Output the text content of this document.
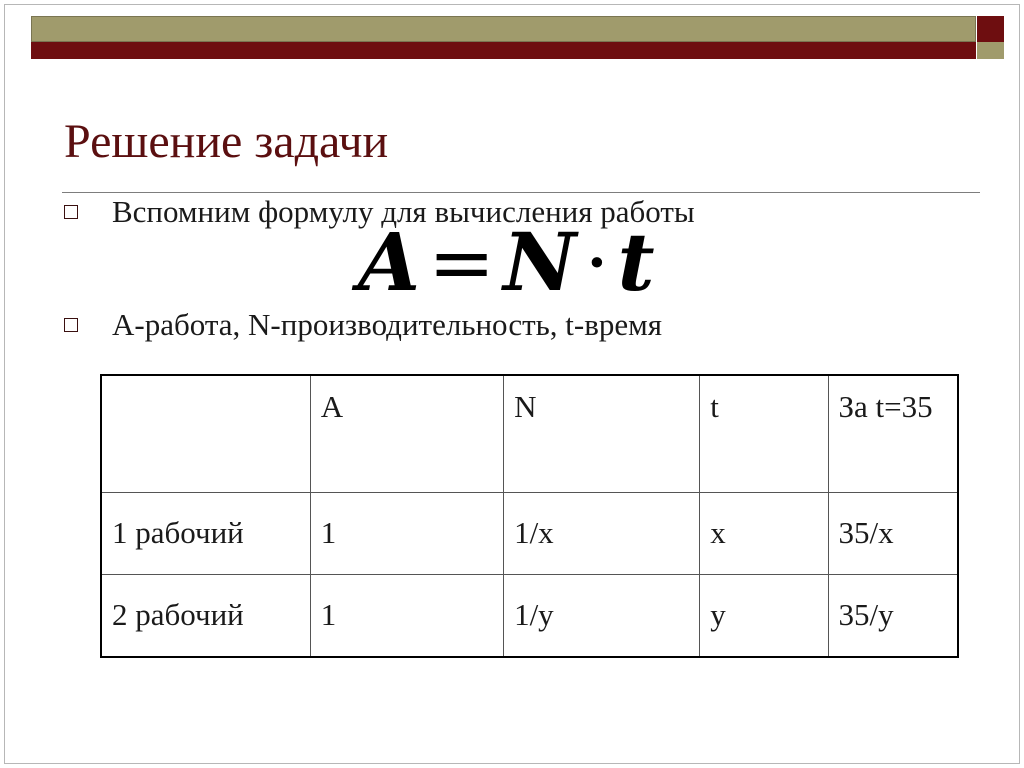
Решение задачи
Вспомним формулу для вычисления работы
A=N·t
А-работа, N-производительность, t-время
	A	N	t	За t=35
1 рабочий	1	1/x	x	35/x
2 рабочий	1	1/y	y	35/y
